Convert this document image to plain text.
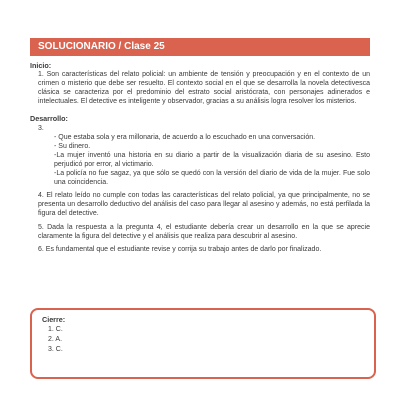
SOLUCIONARIO / Clase 25

Inicio:

1. Son características del relato policial: un ambiente de tensión y preocupación y en el contexto de un crimen o misterio que debe ser resuelto. El contexto social en el que se desarrolla la novela detectivesca clásica se caracteriza por el predominio del estrato social aristócrata, con personajes adinerados e intelectuales. El detective es inteligente y observador, gracias a su análisis logra resolver los misterios.

Desarrollo:

3.

- Que estaba sola y era millonaria, de acuerdo a lo escuchado en una conversación.

- Su dinero.

-La mujer inventó una historia en su diario a partir de la visualización diaria de su asesino. Esto perjudicó por error, al victimario.

-La policía no fue sagaz, ya que sólo se quedó con la versión del diario de vida de la mujer. Fue solo una coincidencia.

4. El relato leído no cumple con todas las características del relato policial, ya que principalmente, no se presenta un desarrollo deductivo del análisis del caso para llegar al asesino y además, no está perfilada la figura del detective.

5. Dada la respuesta a la pregunta 4, el estudiante debería crear un desarrollo en la que se aprecie claramente la figura del detective y el análisis que realiza para descubrir al asesino.

6. Es fundamental que el estudiante revise y corrija su trabajo antes de darlo por finalizado.

Cierre:

1. C.

2. A.

3. C.
